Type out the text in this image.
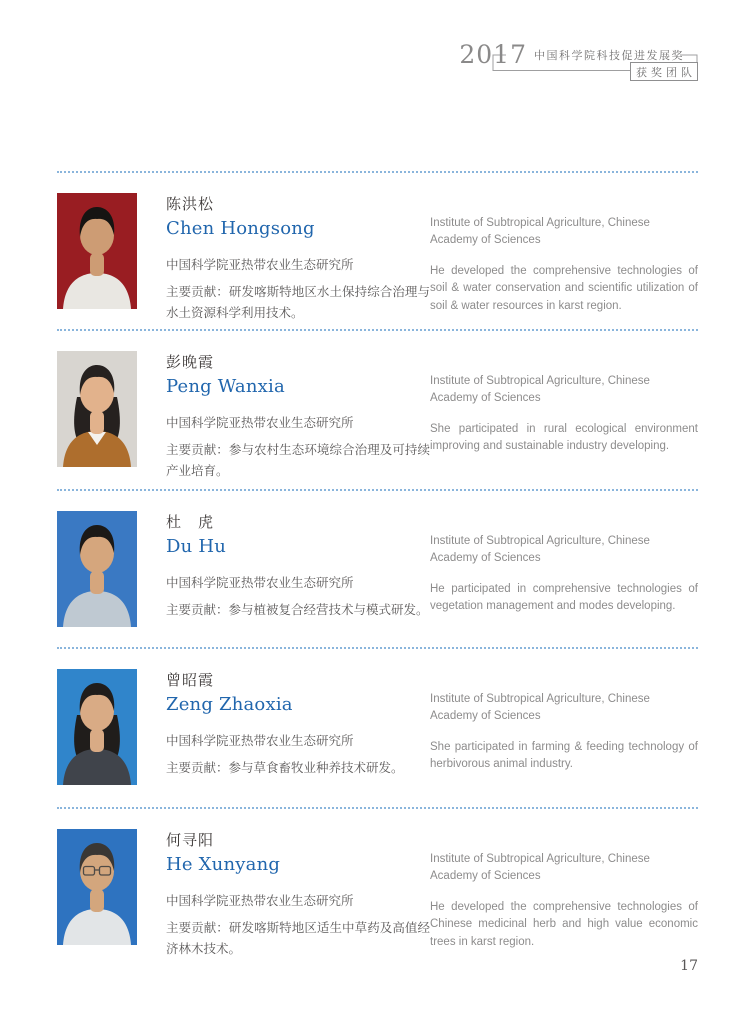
2017 中国科学院科技促进发展奖
获奖团队
陈洪松
Chen Hongsong
中国科学院亚热带农业生态研究所
主要贡献：研发喀斯特地区水土保持综合治理与水土资源科学利用技术。

Institute of Subtropical Agriculture, Chinese Academy of Sciences

He developed the comprehensive technologies of soil & water conservation and scientific utilization of soil & water resources in karst region.

彭晚霞
Peng Wanxia
中国科学院亚热带农业生态研究所
主要贡献：参与农村生态环境综合治理及可持续产业培育。

Institute of Subtropical Agriculture, Chinese Academy of Sciences

She participated in rural ecological environment improving and sustainable industry developing.

杜　虎
Du Hu
中国科学院亚热带农业生态研究所
主要贡献：参与植被复合经营技术与模式研发。

Institute of Subtropical Agriculture, Chinese Academy of Sciences

He participated in comprehensive technologies of vegetation management and modes developing.

曾昭霞
Zeng Zhaoxia
中国科学院亚热带农业生态研究所
主要贡献：参与草食畜牧业种养技术研发。

Institute of Subtropical Agriculture, Chinese Academy of Sciences

She participated in farming & feeding technology of herbivorous animal industry.

何寻阳
He Xunyang
中国科学院亚热带农业生态研究所
主要贡献：研发喀斯特地区适生中草药及高值经济林木技术。

Institute of Subtropical Agriculture, Chinese Academy of Sciences

He developed the comprehensive technologies of Chinese medicinal herb and high value economic trees in karst region.

17
